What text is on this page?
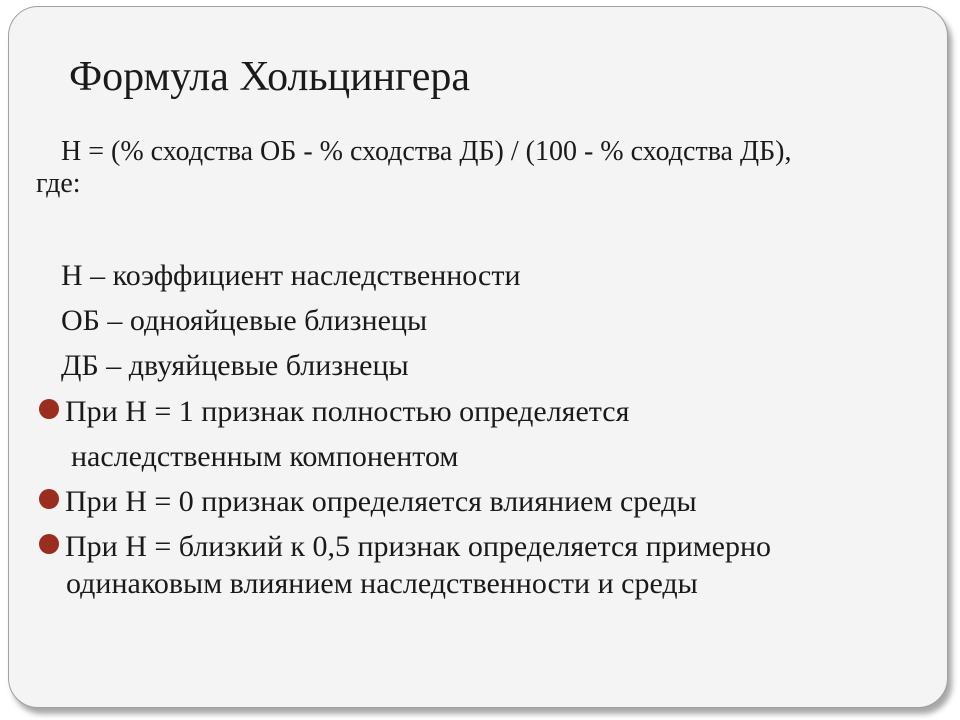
Формула Хольцингера
Н = (% сходства ОБ - % сходства ДБ) / (100 - % сходства ДБ),
где:
Н – коэффициент наследственности
ОБ – однояйцевые близнецы
ДБ – двуяйцевые близнецы
При Н = 1 признак полностью определяется
наследственным компонентом
При Н = 0 признак определяется влиянием среды
При Н = близкий к 0,5 признак определяется примерно
одинаковым влиянием наследственности и среды
